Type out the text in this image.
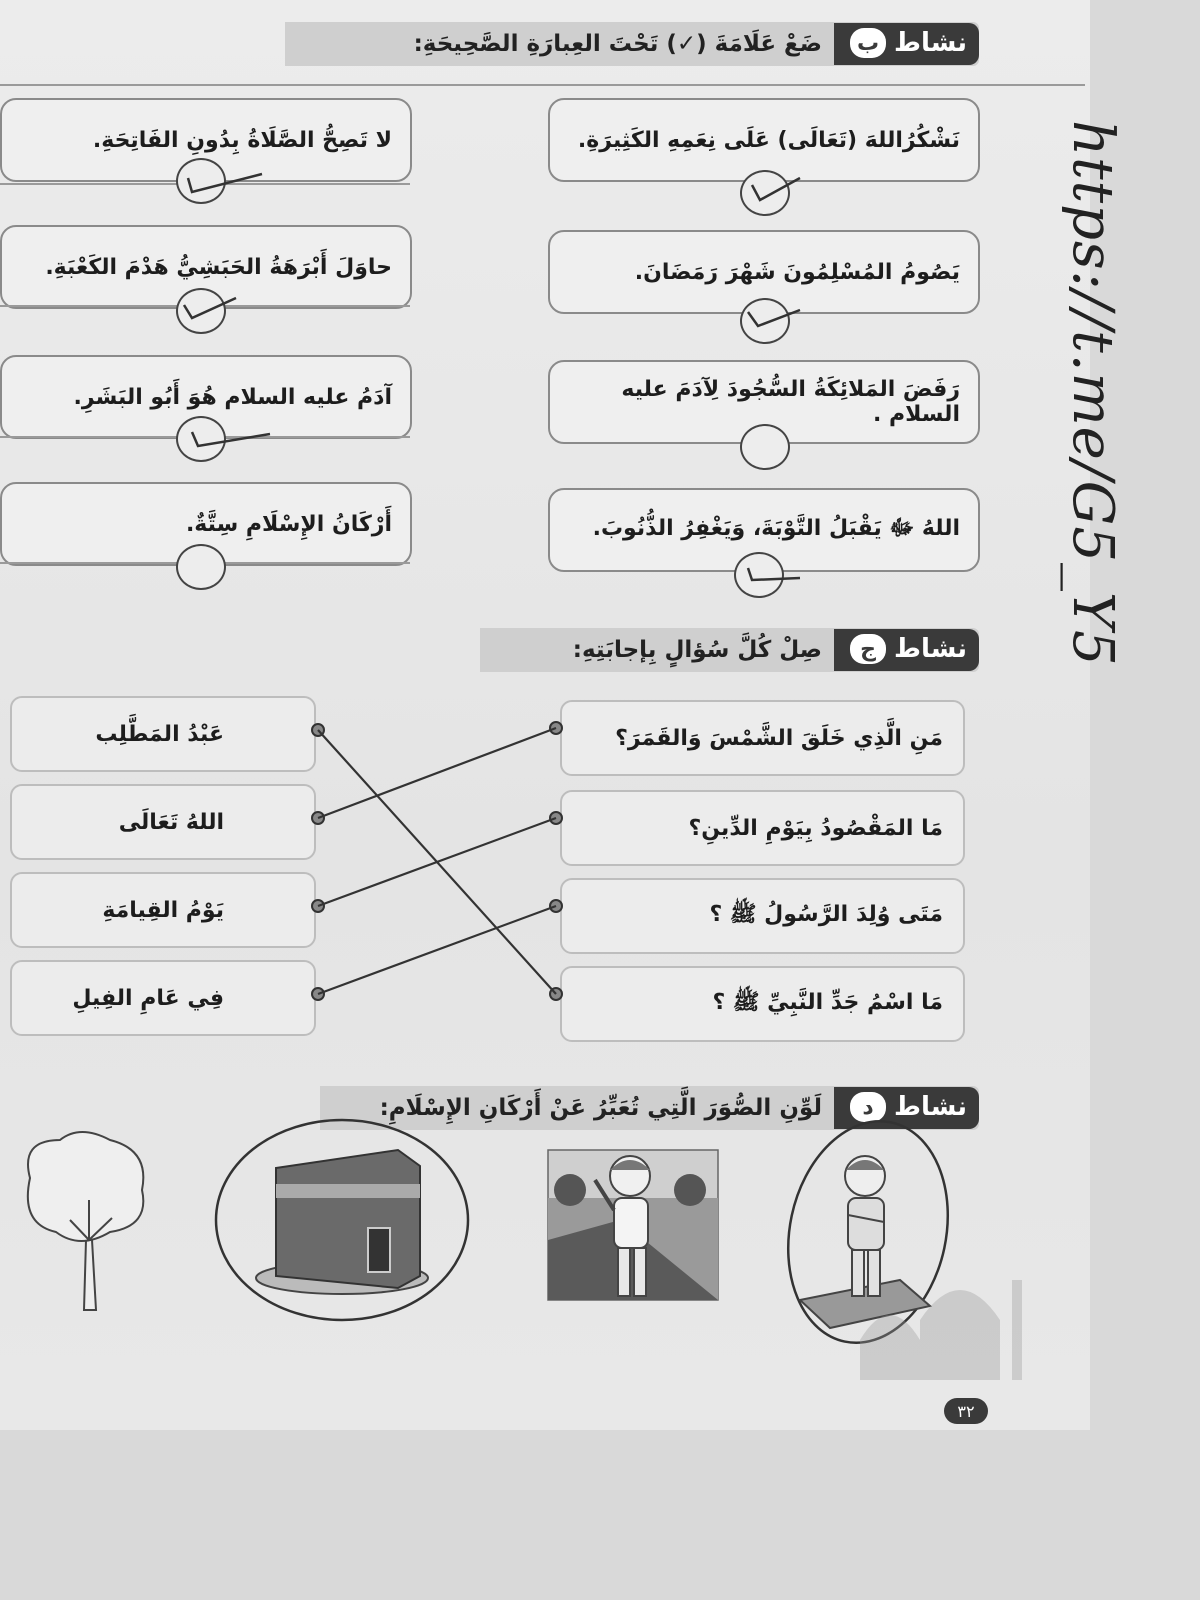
نشاط
ب
ضَعْ عَلَامَةَ (✓) تَحْتَ العِبارَةِ الصَّحِيحَةِ:
نَشْكُرُاللهَ (تَعَالَى) عَلَى نِعَمِهِ الكَثِيرَةِ.
لا تَصِحُّ الصَّلَاةُ بِدُونِ الفَاتِحَةِ.
يَصُومُ المُسْلِمُونَ شَهْرَ رَمَضَانَ.
حاوَلَ أَبْرَهَةُ الحَبَشِيُّ هَدْمَ الكَعْبَةِ.
رَفَضَ المَلائِكَةُ السُّجُودَ لِآدَمَ عليه السلام .
آدَمُ عليه السلام هُوَ أَبُو البَشَرِ.
اللهُ ﷻ يَقْبَلُ التَّوْبَةَ، وَيَغْفِرُ الذُّنُوبَ.
أَرْكَانُ الإِسْلَامِ سِتَّةٌ.
نشاط
ج
صِلْ كُلَّ سُؤالٍ بِإجابَتِهِ:
مَنِ الَّذِي خَلَقَ الشَّمْسَ وَالقَمَرَ؟
مَا المَقْصُودُ بِيَوْمِ الدِّينِ؟
مَتَى وُلِدَ الرَّسُولُ ﷺ ؟
مَا اسْمُ جَدِّ النَّبِيِّ ﷺ ؟
عَبْدُ المَطَّلِب
اللهُ تَعَالَى
يَوْمُ القِيامَةِ
فِي عَامِ الفِيلِ
نشاط
د
لَوِّنِ الصُّوَرَ الَّتِي تُعَبِّرُ عَنْ أَرْكَانِ الإِسْلَامِ:
٣٢
https://t.me/G5_Y5
